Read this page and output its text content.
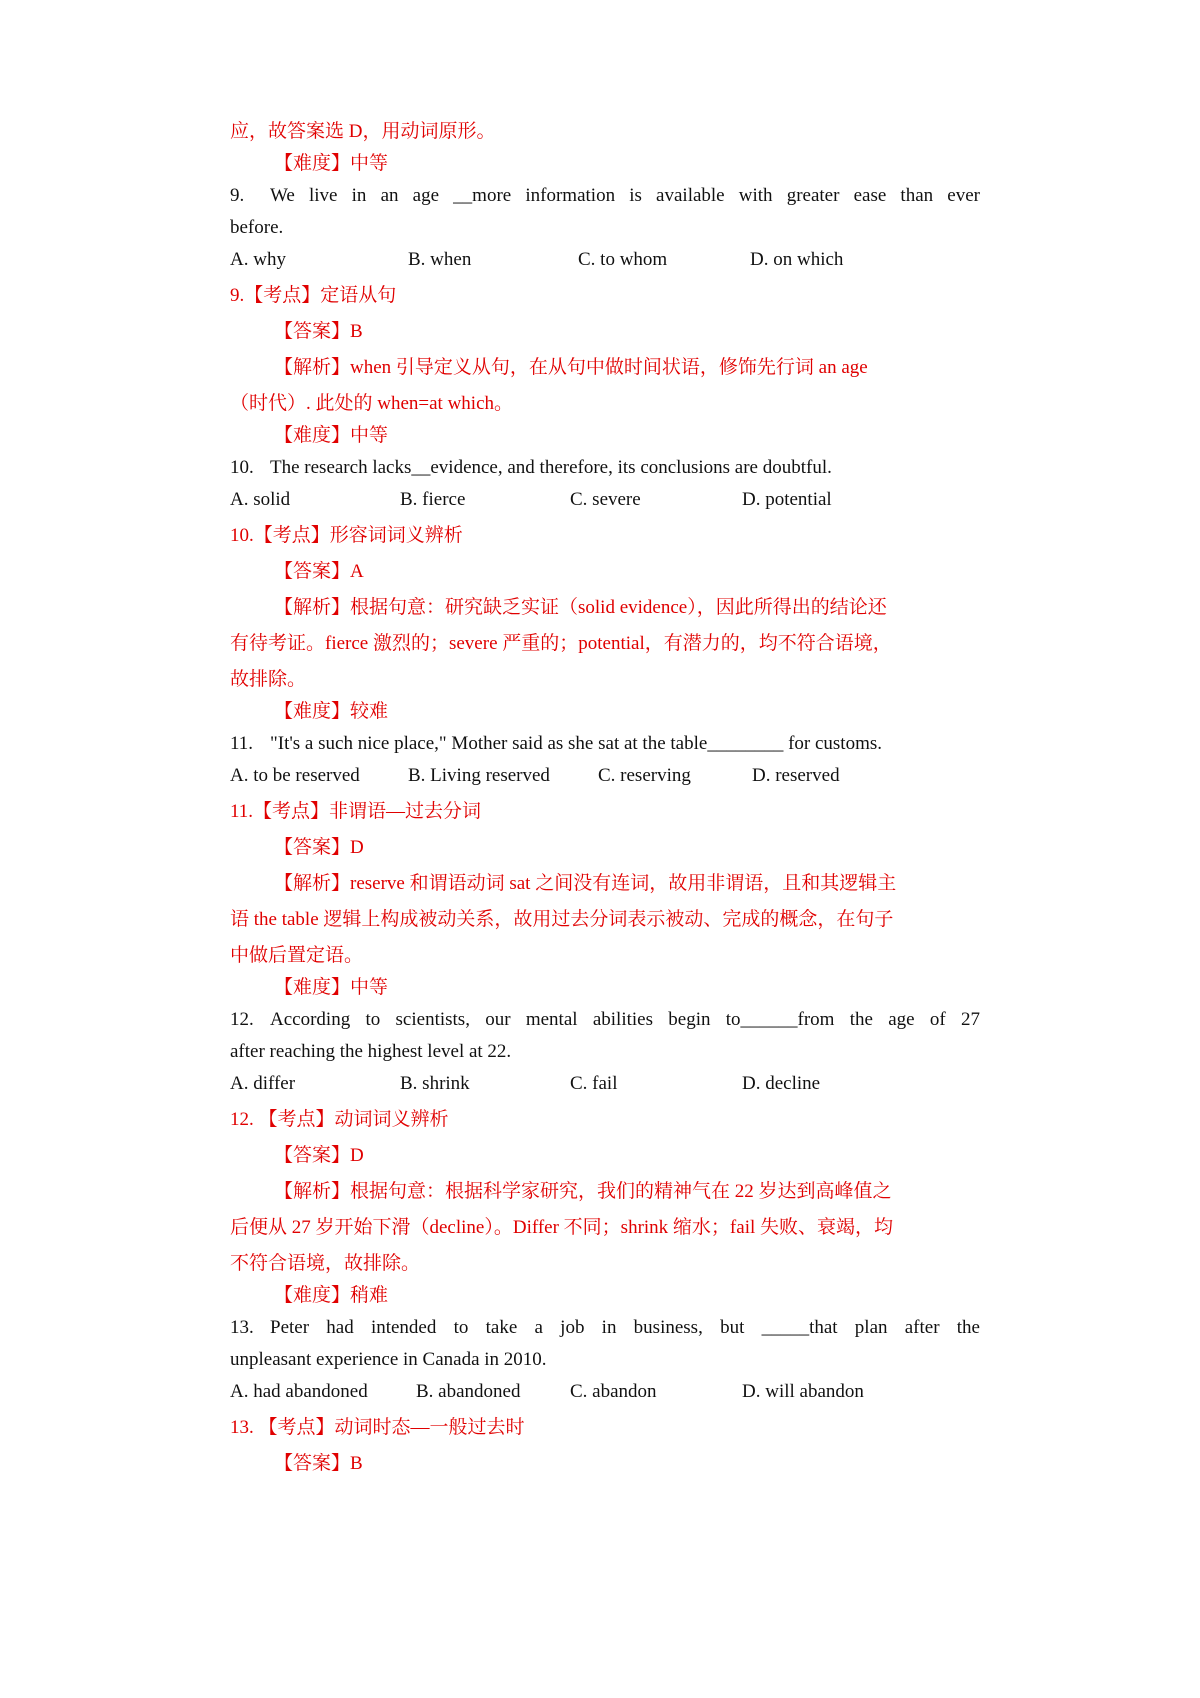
应，故答案选 D，用动词原形。
【难度】中等
9. We live in an age __more information is available with greater ease than ever
before.
A. why	B. when	C. to whom	D. on which
9.【考点】定语从句
【答案】B
【解析】when 引导定义从句，在从句中做时间状语，修饰先行词 an age
（时代）. 此处的 when=at which。
【难度】中等
10. The research lacks__evidence, and therefore, its conclusions are doubtful.
A. solid	B. fierce	C. severe	D. potential
10.【考点】形容词词义辨析
【答案】A
【解析】根据句意：研究缺乏实证（solid evidence），因此所得出的结论还
有待考证。fierce 激烈的；severe 严重的；potential，有潜力的，均不符合语境，
故排除。
【难度】较难
11. "It's a such nice place," Mother said as she sat at the table________ for customs.
A. to be reserved	B. Living reserved	C. reserving	D. reserved
11.【考点】非谓语—过去分词
【答案】D
【解析】reserve 和谓语动词 sat 之间没有连词，故用非谓语，且和其逻辑主
语 the table 逻辑上构成被动关系，故用过去分词表示被动、完成的概念，在句子
中做后置定语。
【难度】中等
12. According to scientists, our mental abilities begin to______from the age of 27
after reaching the highest level at 22.
A. differ	B. shrink	C. fail	D. decline
12. 【考点】动词词义辨析
【答案】D
【解析】根据句意：根据科学家研究，我们的精神气在 22 岁达到高峰值之
后便从 27 岁开始下滑（decline）。Differ 不同；shrink 缩水；fail 失败、衰竭，均
不符合语境，故排除。
【难度】稍难
13. Peter had intended to take a job in business, but _____that plan after the
unpleasant experience in Canada in 2010.
A. had abandoned	B. abandoned	C. abandon	D. will abandon
13. 【考点】动词时态—一般过去时
【答案】B
